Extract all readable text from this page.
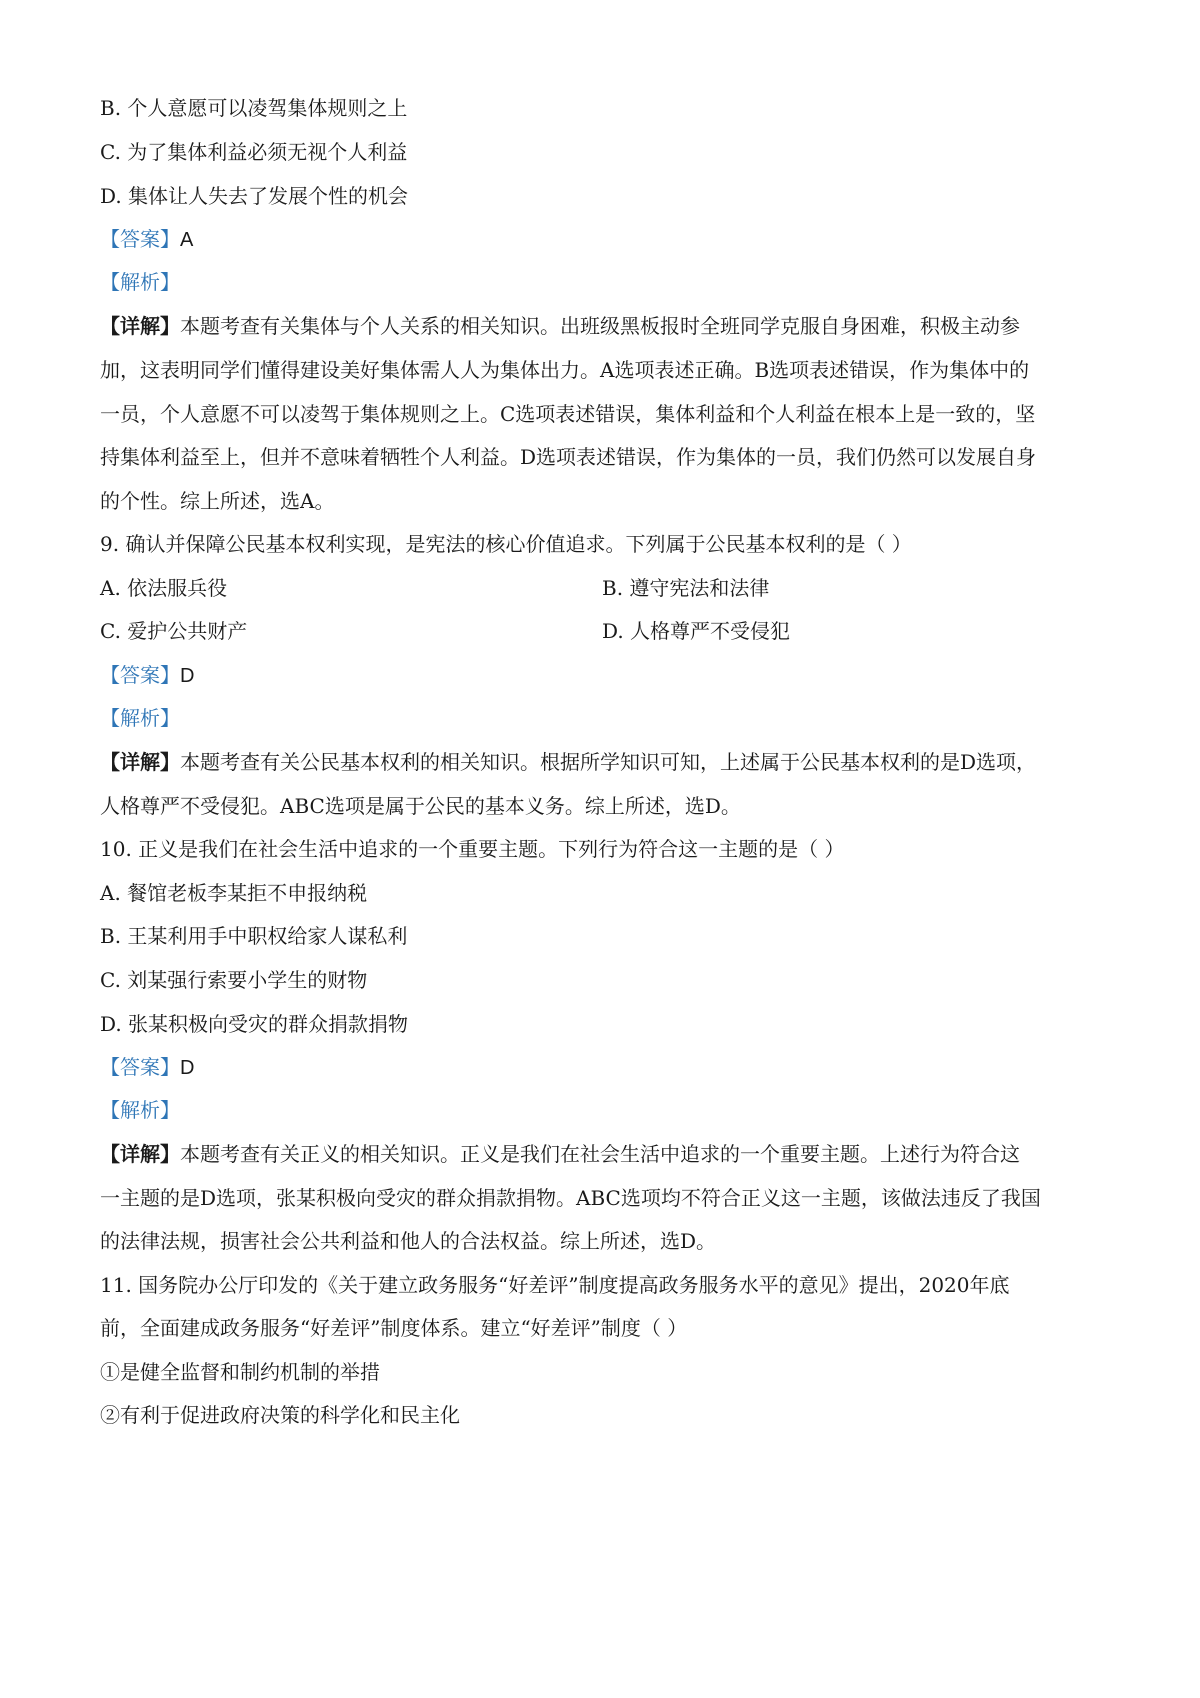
B. 个人意愿可以凌驾集体规则之上
C. 为了集体利益必须无视个人利益
D. 集体让人失去了发展个性的机会
【答案】A
【解析】
【详解】本题考查有关集体与个人关系的相关知识。出班级黑板报时全班同学克服自身困难，积极主动参
加，这表明同学们懂得建设美好集体需人人为集体出力。A选项表述正确。B选项表述错误，作为集体中的
一员，个人意愿不可以凌驾于集体规则之上。C选项表述错误，集体利益和个人利益在根本上是一致的，坚
持集体利益至上，但并不意味着牺牲个人利益。D选项表述错误，作为集体的一员，我们仍然可以发展自身
的个性。综上所述，选A。
9. 确认并保障公民基本权利实现，是宪法的核心价值追求。下列属于公民基本权利的是（ ）
A. 依法服兵役	B. 遵守宪法和法律
C. 爱护公共财产	D. 人格尊严不受侵犯
【答案】D
【解析】
【详解】本题考查有关公民基本权利的相关知识。根据所学知识可知，上述属于公民基本权利的是D选项，
人格尊严不受侵犯。ABC选项是属于公民的基本义务。综上所述，选D。
10. 正义是我们在社会生活中追求的一个重要主题。下列行为符合这一主题的是（ ）
A. 餐馆老板李某拒不申报纳税
B. 王某利用手中职权给家人谋私利
C. 刘某强行索要小学生的财物
D. 张某积极向受灾的群众捐款捐物
【答案】D
【解析】
【详解】本题考查有关正义的相关知识。正义是我们在社会生活中追求的一个重要主题。上述行为符合这
一主题的是D选项，张某积极向受灾的群众捐款捐物。ABC选项均不符合正义这一主题，该做法违反了我国
的法律法规，损害社会公共利益和他人的合法权益。综上所述，选D。
11. 国务院办公厅印发的《关于建立政务服务“好差评”制度提高政务服务水平的意见》提出，2020年底
前，全面建成政务服务“好差评”制度体系。建立“好差评”制度（ ）
①是健全监督和制约机制的举措
②有利于促进政府决策的科学化和民主化
